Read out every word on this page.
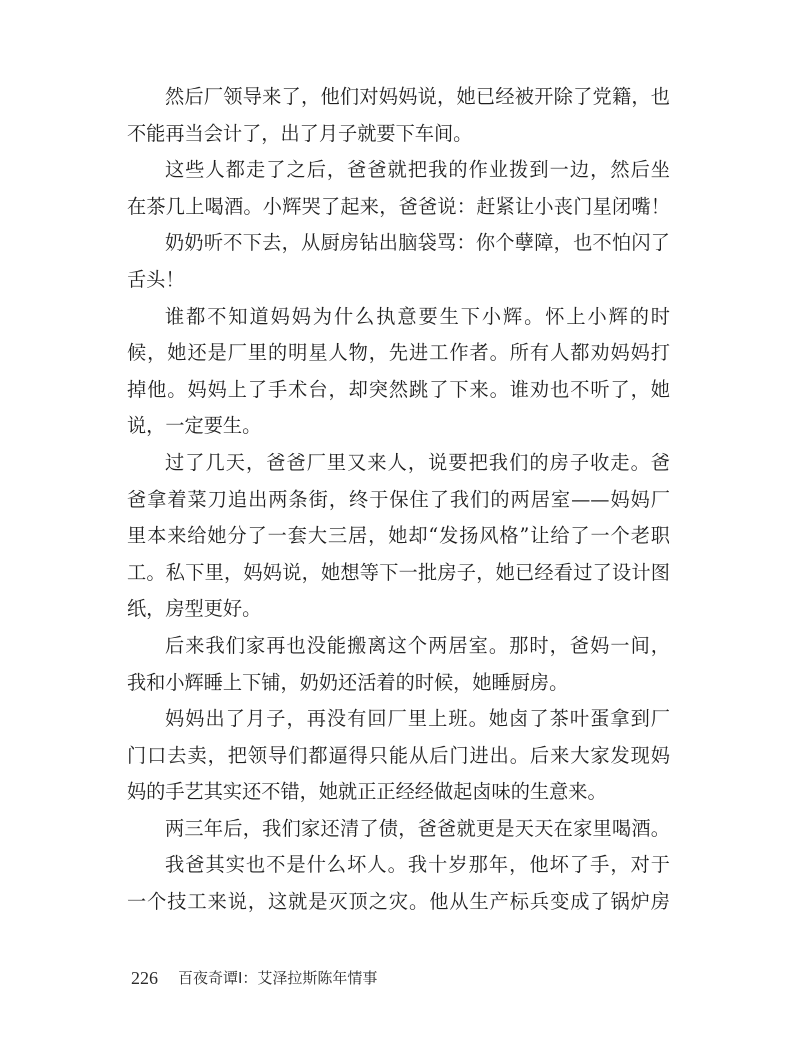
然后厂领导来了，他们对妈妈说，她已经被开除了党籍，也
不能再当会计了，出了月子就要下车间。
这些人都走了之后，爸爸就把我的作业拨到一边，然后坐
在茶几上喝酒。小辉哭了起来，爸爸说：赶紧让小丧门星闭嘴！
奶奶听不下去，从厨房钻出脑袋骂：你个孽障，也不怕闪了
舌头！
谁都不知道妈妈为什么执意要生下小辉。怀上小辉的时
候，她还是厂里的明星人物，先进工作者。所有人都劝妈妈打
掉他。妈妈上了手术台，却突然跳了下来。谁劝也不听了，她
说，一定要生。
过了几天，爸爸厂里又来人，说要把我们的房子收走。爸
爸拿着菜刀追出两条街，终于保住了我们的两居室——妈妈厂
里本来给她分了一套大三居，她却“发扬风格”让给了一个老职
工。私下里，妈妈说，她想等下一批房子，她已经看过了设计图
纸，房型更好。
后来我们家再也没能搬离这个两居室。那时，爸妈一间，
我和小辉睡上下铺，奶奶还活着的时候，她睡厨房。
妈妈出了月子，再没有回厂里上班。她卤了茶叶蛋拿到厂
门口去卖，把领导们都逼得只能从后门进出。后来大家发现妈
妈的手艺其实还不错，她就正正经经做起卤味的生意来。
两三年后，我们家还清了债，爸爸就更是天天在家里喝酒。
我爸其实也不是什么坏人。我十岁那年，他坏了手，对于
一个技工来说，这就是灭顶之灾。他从生产标兵变成了锅炉房
226 百夜奇谭Ⅰ：艾泽拉斯陈年情事
